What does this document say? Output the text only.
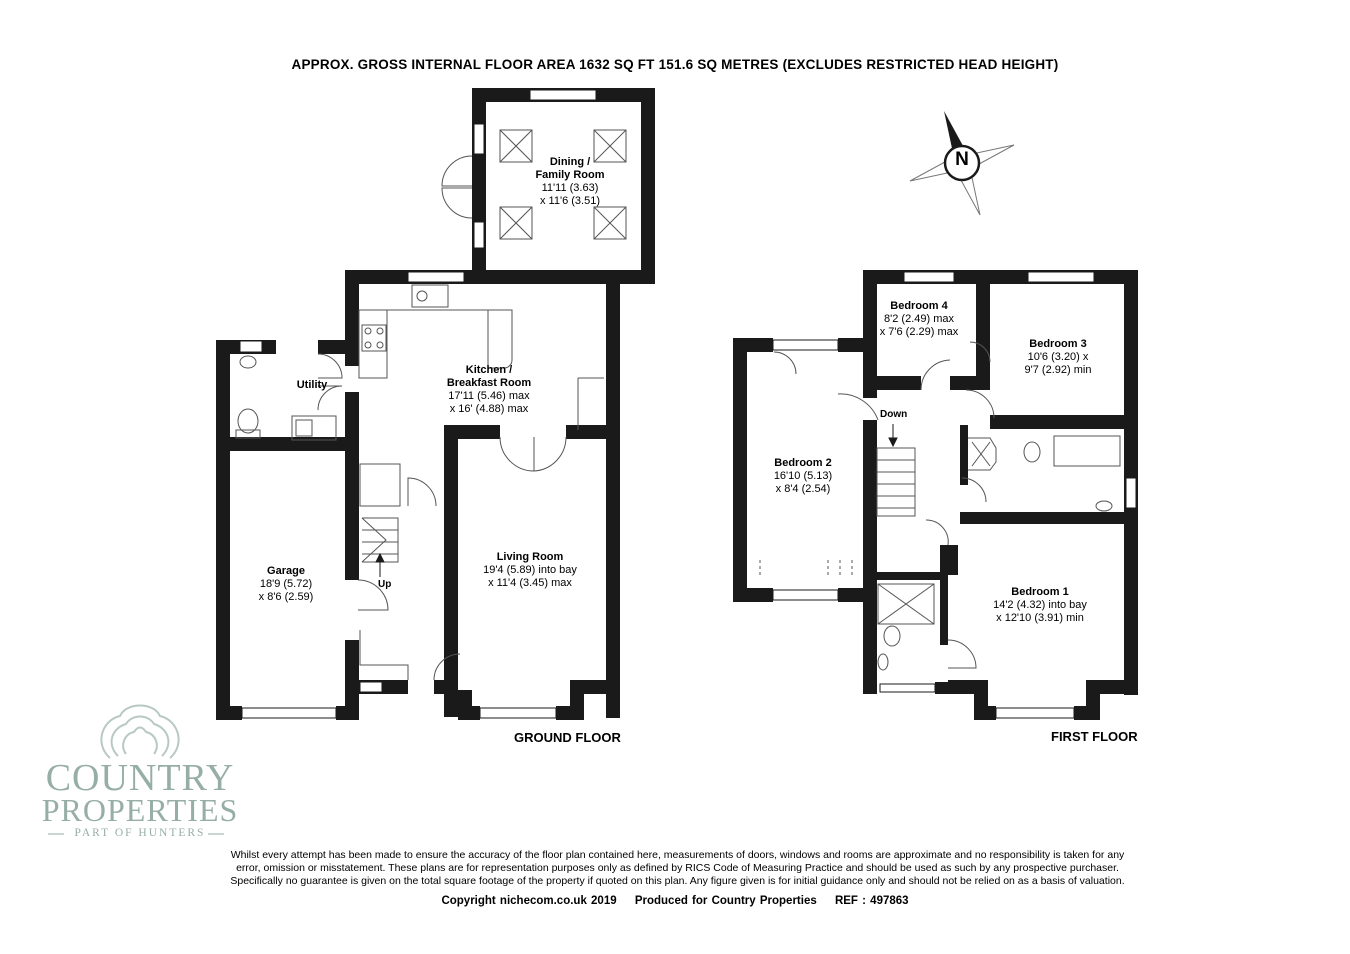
APPROX. GROSS INTERNAL FLOOR AREA 1632 SQ FT 151.6 SQ METRES (EXCLUDES RESTRICTED HEAD HEIGHT)
Dining /
Family Room
11'11 (3.63)
x 11'6 (3.51)
Kitchen /
Breakfast Room
17'11 (5.46) max
x 16' (4.88) max
Utility
Garage
18'9 (5.72)
x 8'6 (2.59)
Living Room
19'4 (5.89) into bay
x 11'4 (3.45) max
Up
GROUND FLOOR
Bedroom 4
8'2 (2.49) max
x 7'6 (2.29) max
Bedroom 3
10'6 (3.20) x
9'7 (2.92) min
Bedroom 2
16'10 (5.13)
x 8'4 (2.54)
Bedroom 1
14'2 (4.32) into bay
x 12'10 (3.91) min
Down
FIRST FLOOR
N
COUNTRY
PROPERTIES
PART OF HUNTERS
Whilst every attempt has been made to ensure the accuracy of the floor plan contained here, measurements of doors, windows and rooms are approximate and no responsibility is taken for any
error, omission or misstatement. These plans are for representation purposes only as defined by RICS Code of Measuring Practice and should be used as such by any prospective purchaser.
Specifically no guarantee is given on the total square footage of the property if quoted on this plan. Any figure given is for initial guidance only and should not be relied on as a basis of valuation.
Copyright nichecom.co.uk 2019 Produced for Country Properties REF : 497863
